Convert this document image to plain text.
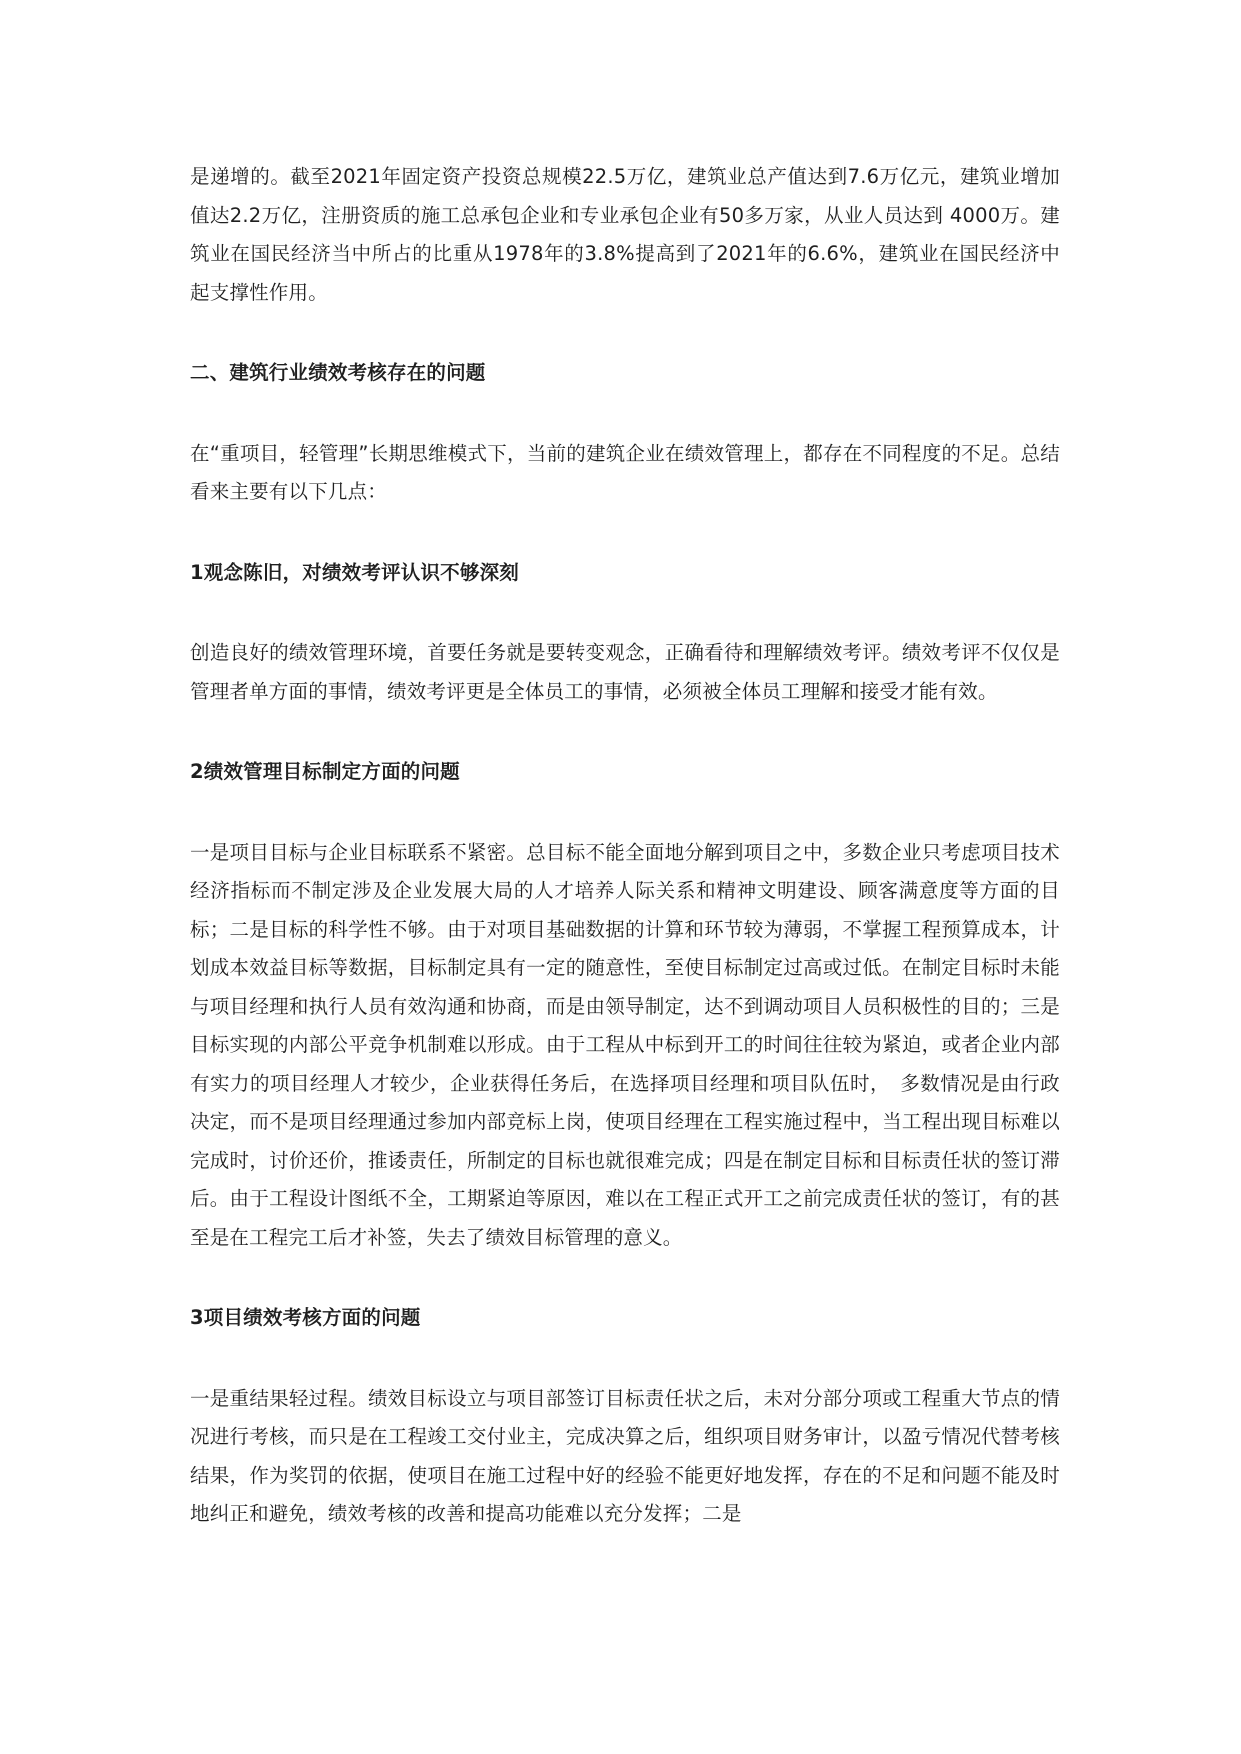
是递增的。截至2021年固定资产投资总规模22.5万亿，建筑业总产值达到7.6万亿元，建筑业增加值达2.2万亿，注册资质的施工总承包企业和专业承包企业有50多万家，从业人员达到 4000万。建筑业在国民经济当中所占的比重从1978年的3.8%提高到了2021年的6.6%，建筑业在国民经济中起支撑性作用。

二、建筑行业绩效考核存在的问题

在“重项目，轻管理”长期思维模式下，当前的建筑企业在绩效管理上，都存在不同程度的不足。总结看来主要有以下几点：

1观念陈旧，对绩效考评认识不够深刻

创造良好的绩效管理环境，首要任务就是要转变观念，正确看待和理解绩效考评。绩效考评不仅仅是管理者单方面的事情，绩效考评更是全体员工的事情，必须被全体员工理解和接受才能有效。

2绩效管理目标制定方面的问题

一是项目目标与企业目标联系不紧密。总目标不能全面地分解到项目之中，多数企业只考虑项目技术经济指标而不制定涉及企业发展大局的人才培养人际关系和精神文明建设、顾客满意度等方面的目标；二是目标的科学性不够。由于对项目基础数据的计算和环节较为薄弱，不掌握工程预算成本，计划成本效益目标等数据，目标制定具有一定的随意性，至使目标制定过高或过低。在制定目标时未能与项目经理和执行人员有效沟通和协商，而是由领导制定，达不到调动项目人员积极性的目的；三是目标实现的内部公平竞争机制难以形成。由于工程从中标到开工的时间往往较为紧迫，或者企业内部有实力的项目经理人才较少，企业获得任务后，在选择项目经理和项目队伍时，　多数情况是由行政决定，而不是项目经理通过参加内部竞标上岗，使项目经理在工程实施过程中，当工程出现目标难以完成时，讨价还价，推诿责任，所制定的目标也就很难完成；四是在制定目标和目标责任状的签订滞后。由于工程设计图纸不全，工期紧迫等原因，难以在工程正式开工之前完成责任状的签订，有的甚至是在工程完工后才补签，失去了绩效目标管理的意义。

3项目绩效考核方面的问题

一是重结果轻过程。绩效目标设立与项目部签订目标责任状之后，未对分部分项或工程重大节点的情况进行考核，而只是在工程竣工交付业主，完成决算之后，组织项目财务审计，以盈亏情况代替考核结果，作为奖罚的依据，使项目在施工过程中好的经验不能更好地发挥，存在的不足和问题不能及时地纠正和避免，绩效考核的改善和提高功能难以充分发挥；二是
